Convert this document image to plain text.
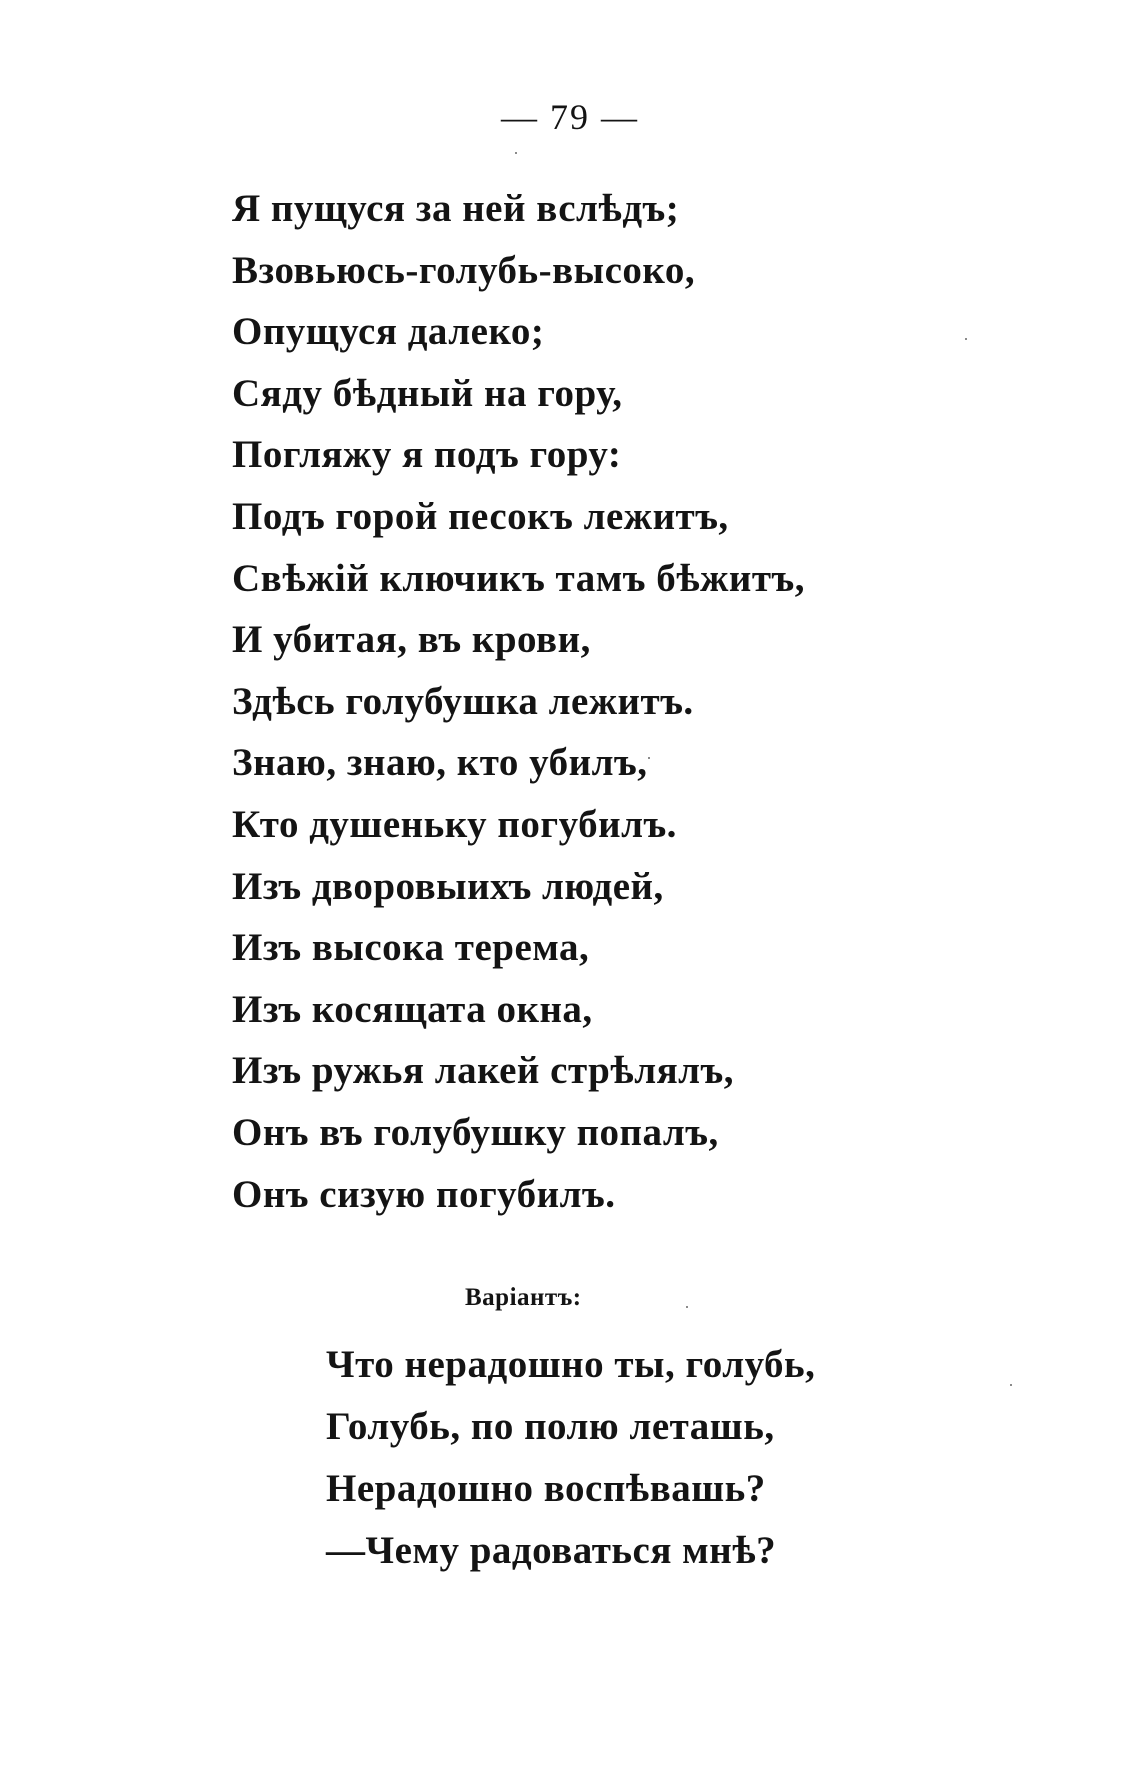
— 79 —
Я пущуся за ней вслѣдъ;
Взовьюсь-голубь-высоко,
Опущуся далеко;
Сяду бѣдный на гору,
Погляжу я подъ гору:
Подъ горой песокъ лежитъ,
Свѣжій ключикъ тамъ бѣжитъ,
И убитая, въ крови,
Здѣсь голубушка лежитъ.
Знаю, знаю, кто убилъ,
Кто душеньку погубилъ.
Изъ дворовыихъ людей,
Изъ высока терема,
Изъ косящата окна,
Изъ ружья лакей стрѣлялъ,
Онъ въ голубушку попалъ,
Онъ сизую погубилъ.
Варіантъ:
Что нерадошно ты, голубь,
Голубь, по полю леташь,
Нерадошно воспѣвашь?
—Чему радоваться мнѣ?
